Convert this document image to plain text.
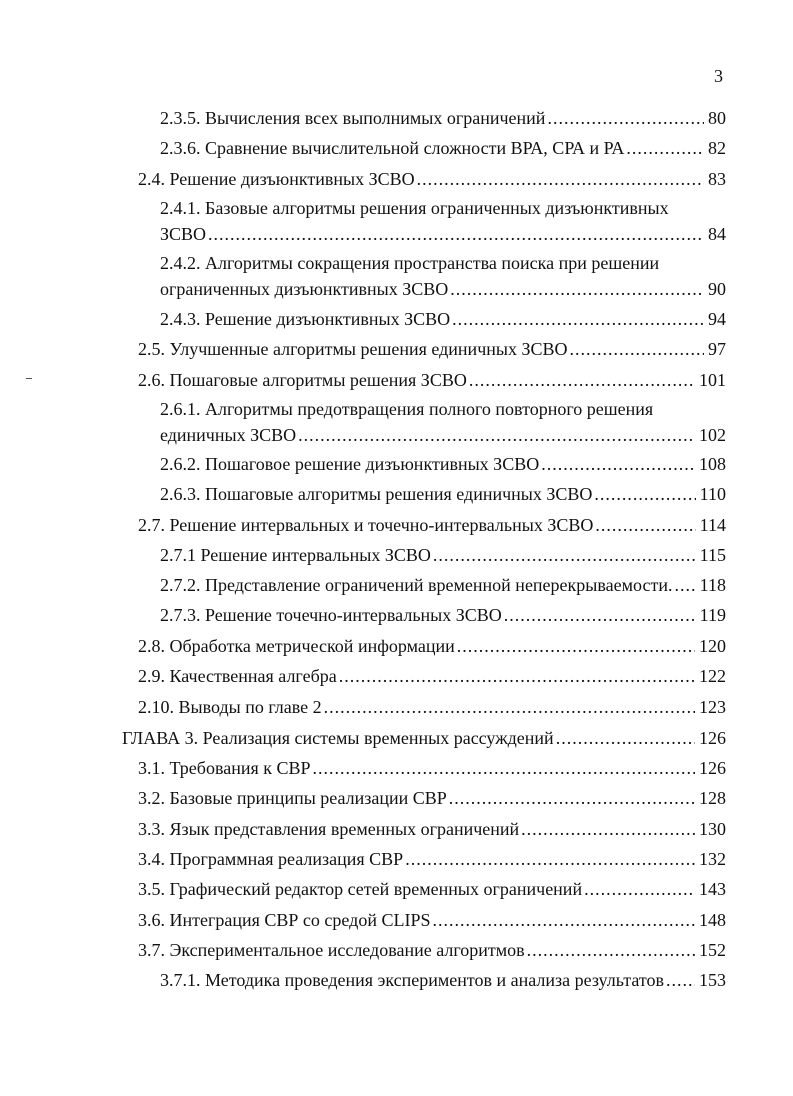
3
2.3.5. Вычисления всех выполнимых ограничений .....	80
2.3.6. Сравнение вычислительной сложности ВРА, СРА и РА .....	82
2.4. Решение дизъюнктивных ЗСВО .....	83
2.4.1. Базовые алгоритмы решения ограниченных дизъюнктивных
ЗСВО .....	84
2.4.2. Алгоритмы сокращения пространства поиска при решении
ограниченных дизъюнктивных ЗСВО .....	90
2.4.3. Решение дизъюнктивных ЗСВО .....	94
2.5. Улучшенные алгоритмы решения единичных ЗСВО .....	97
2.6. Пошаговые алгоритмы решения ЗСВО .....	101
2.6.1. Алгоритмы предотвращения полного повторного решения
единичных ЗСВО .....	102
2.6.2. Пошаговое решение дизъюнктивных ЗСВО .....	108
2.6.3. Пошаговые алгоритмы решения единичных ЗСВО .....	110
2.7. Решение интервальных и точечно-интервальных ЗСВО .....	114
2.7.1 Решение интервальных ЗСВО .....	115
2.7.2. Представление ограничений временной неперекрываемости. ..... 118
2.7.3. Решение точечно-интервальных ЗСВО .....	119
2.8. Обработка метрической информации .....	120
2.9. Качественная алгебра .....	122
2.10. Выводы по главе 2 .....	123
ГЛАВА 3. Реализация системы временных рассуждений .....	126
3.1. Требования к СВР .....	126
3.2. Базовые принципы реализации СВР .....	128
3.3. Язык представления временных ограничений .....	130
3.4. Программная реализация СВР .....	132
3.5. Графический редактор сетей временных ограничений .....	143
3.6. Интеграция СВР со средой CLIPS .....	148
3.7. Экспериментальное исследование алгоритмов .....	152
3.7.1. Методика проведения экспериментов и анализа результатов ..... 153
